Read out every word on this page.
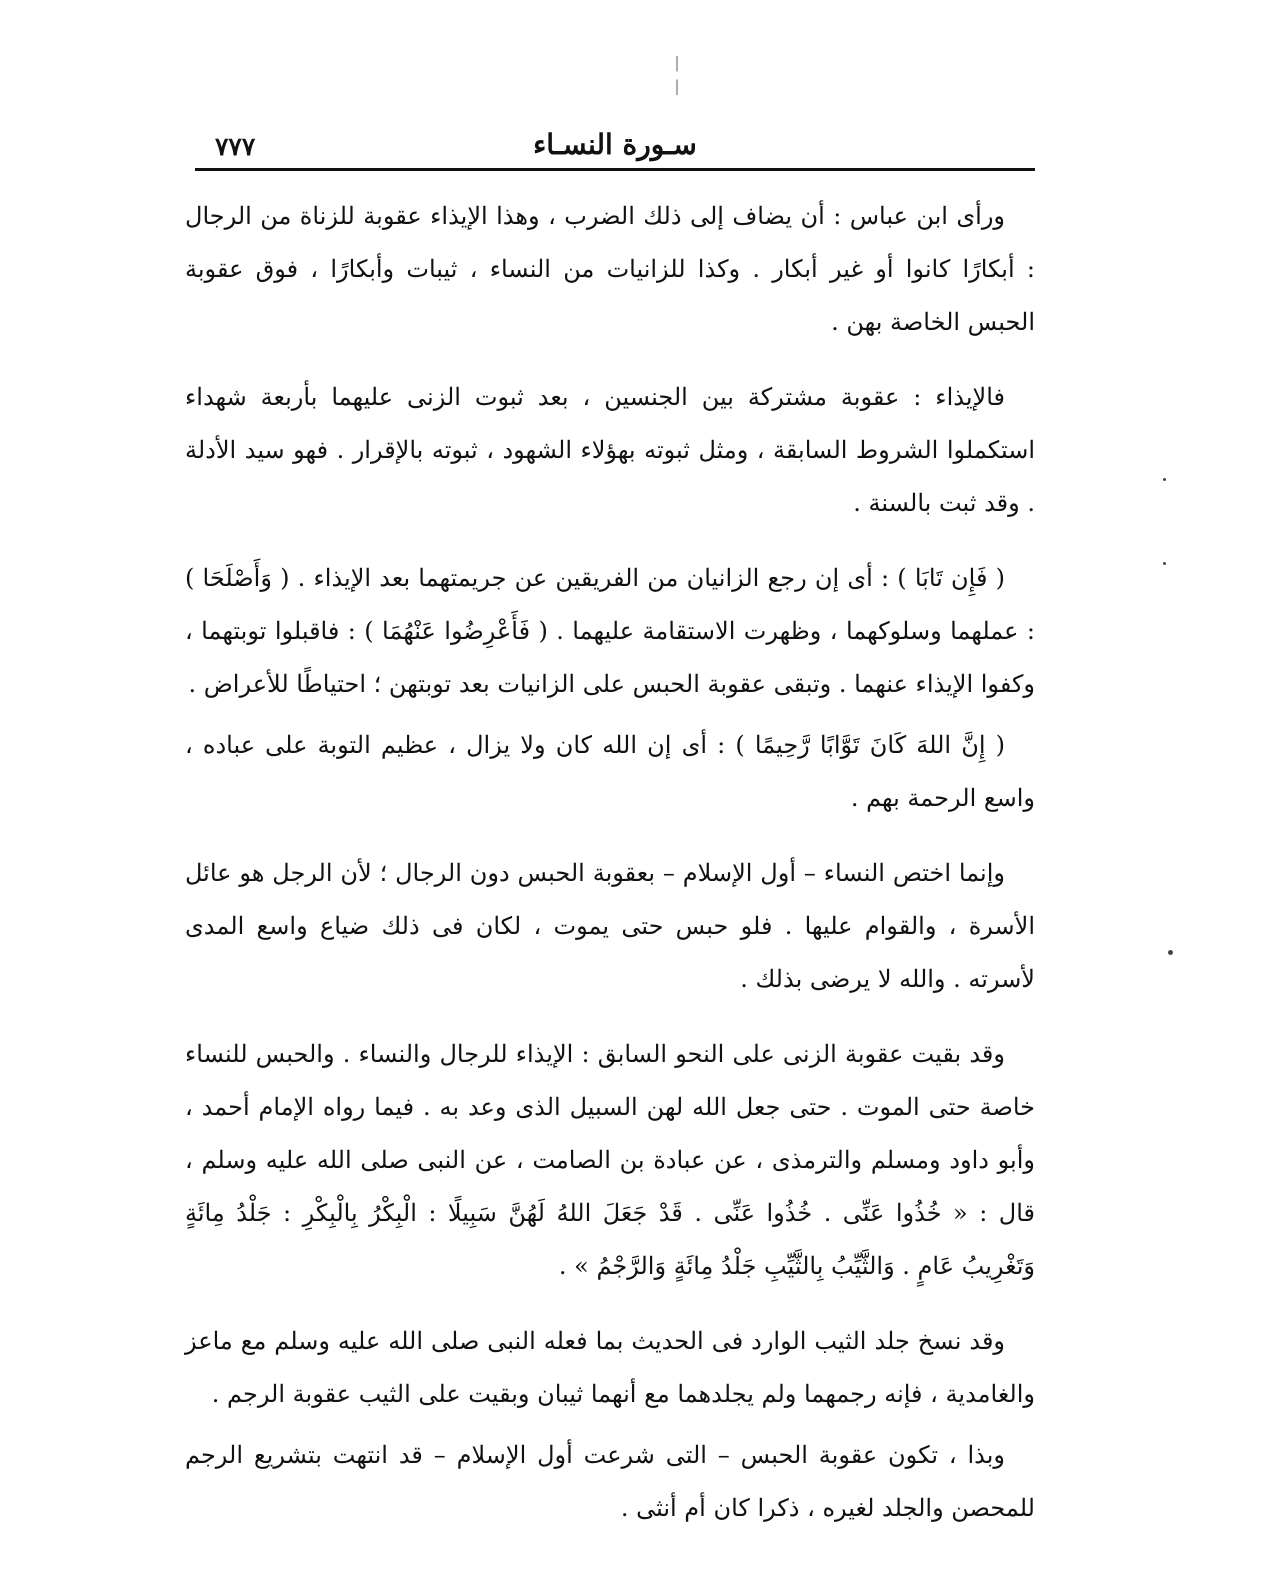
٧٧٧	سـورة النسـاء

ورأى ابن عباس : أن يضاف إلى ذلك الضرب ، وهذا الإيذاء عقوبة للزناة من الرجال : أبكارًا كانوا أو غير أبكار . وكذا للزانيات من النساء ، ثيبات وأبكارًا ، فوق عقوبة الحبس الخاصة بهن .

فالإيذاء : عقوبة مشتركة بين الجنسين ، بعد ثبوت الزنى عليهما بأربعة شهداء استكملوا الشروط السابقة ، ومثل ثبوته بهؤلاء الشهود ، ثبوته بالإقرار . فهو سيد الأدلة . وقد ثبت بالسنة .

( فَإِن تَابَا ) : أى إن رجع الزانيان من الفريقين عن جريمتهما بعد الإيذاء . ( وَأَصْلَحَا ) : عملهما وسلوكهما ، وظهرت الاستقامة عليهما . ( فَأَعْرِضُوا عَنْهُمَا ) : فاقبلوا توبتهما ، وكفوا الإيذاء عنهما . وتبقى عقوبة الحبس على الزانيات بعد توبتهن ؛ احتياطًا للأعراض .

( إِنَّ اللهَ كَانَ تَوَّابًا رَّحِيمًا ) : أى إن الله كان ولا يزال ، عظيم التوبة على عباده ، واسع الرحمة بهم .

وإنما اختص النساء – أول الإسلام – بعقوبة الحبس دون الرجال ؛ لأن الرجل هو عائل الأسرة ، والقوام عليها . فلو حبس حتى يموت ، لكان فى ذلك ضياع واسع المدى لأسرته . والله لا يرضى بذلك .

وقد بقيت عقوبة الزنى على النحو السابق : الإيذاء للرجال والنساء . والحبس للنساء خاصة حتى الموت . حتى جعل الله لهن السبيل الذى وعد به . فيما رواه الإمام أحمد ، وأبو داود ومسلم والترمذى ، عن عبادة بن الصامت ، عن النبى صلى الله عليه وسلم ، قال : « خُذُوا عَنِّى . خُذُوا عَنِّى . قَدْ جَعَلَ اللهُ لَهُنَّ سَبِيلًا : الْبِكْرُ بِالْبِكْرِ : جَلْدُ مِائَةٍ وَتَغْرِيبُ عَامٍ . وَالثَّيِّبُ بِالثَّيِّبِ جَلْدُ مِائَةٍ وَالرَّجْمُ » .

وقد نسخ جلد الثيب الوارد فى الحديث بما فعله النبى صلى الله عليه وسلم مع ماعز والغامدية ، فإنه رجمهما ولم يجلدهما مع أنهما ثيبان وبقيت على الثيب عقوبة الرجم .

وبذا ، تكون عقوبة الحبس – التى شرعت أول الإسلام – قد انتهت بتشريع الرجم للمحصن والجلد لغيره ، ذكرا كان أم أنثى .
